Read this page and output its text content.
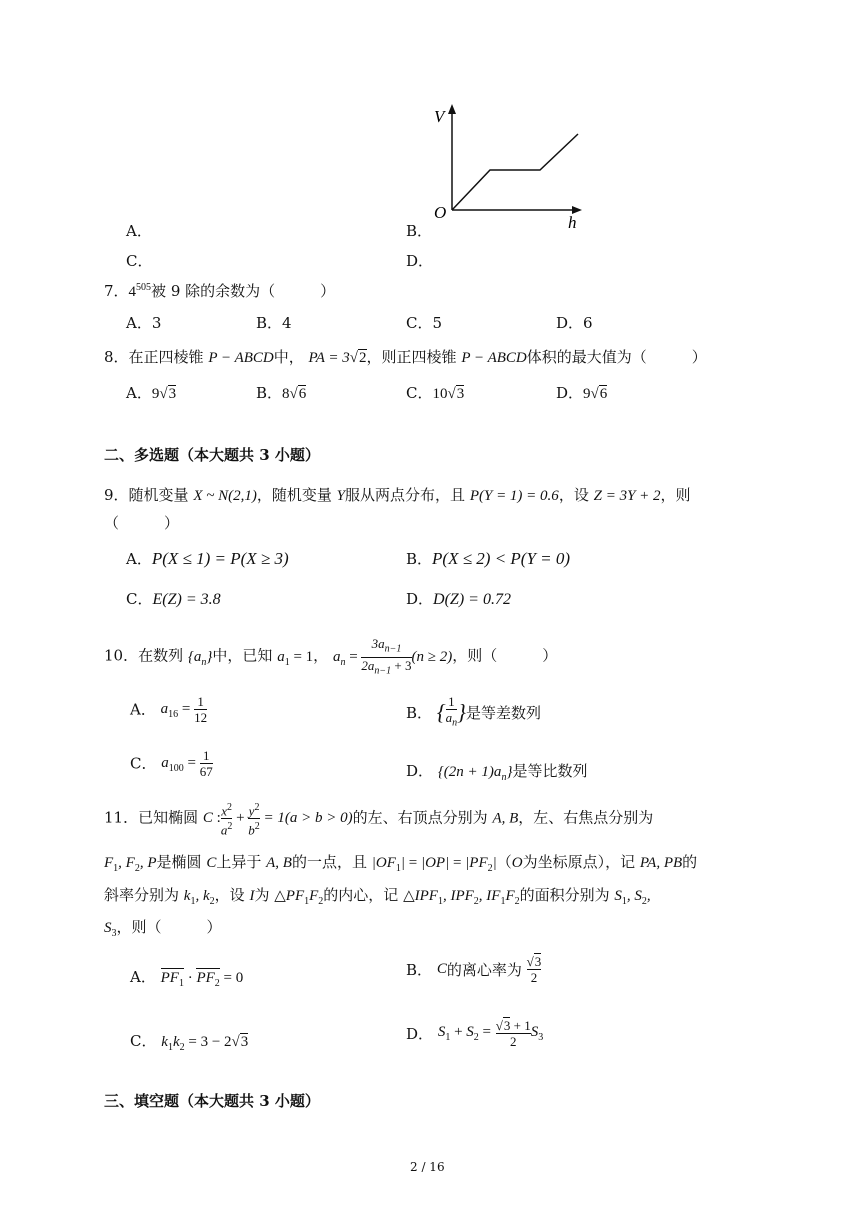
V
h
O
A．	B．
C．	D．
7．$4^{505}$被 9 除的余数为（　　　）
A．3	B．4	C．5	D．6
8．在正四棱锥 P − ABCD中， PA = 3√2，则正四棱锥 P − ABCD体积的最大值为（　　　）
A．9√3	B．8√6	C．10√3	D．9√6
二、多选题（本大题共 3 小题）
9．随机变量 X ~ N(2,1)，随机变量 Y服从两点分布，且 P(Y = 1) = 0.6，设 Z = 3Y + 2，则
（　　　）
A．P(X ≤ 1) = P(X ≥ 3)	B．P(X ≤ 2) < P(Y = 0)
C．E(Z) = 3.8	D．D(Z) = 0.72
10．在数列 $\{a_n\}$中，已知 $a_1 = 1$， $a_n = \frac{3a_{n-1}}{2a_{n-1} + 3} (n \ge 2)$，则（　　　）
A． $a_{16} = \frac{1}{12}$	B． { $\frac{1}{a_n}$ }是等差数列
C． $a_{100} = \frac{1}{67}$	D． $\{(2n + 1)a_n\}$是等比数列
11．已知椭圆 C : $\frac{x^2}{a^2} + \frac{y^2}{b^2} = 1(a > b > 0)$的左、右顶点分别为 A, B，左、右焦点分别为
$F_1$, $F_2$, P是椭圆 C上异于 A, B的一点，且 $|OF_1| = |OP| = |PF_2|(O$为坐标原点），记 PA, PB的
斜率分别为 $k_1$, $k_2$，设 I为 $\triangle PF_1F_2$的内心，记 $\triangle IPF_1$, $IPF_2$, $IF_1F_2$的面积分别为 $S_1$, $S_2$,
$S_3$，则（　　　）
A． $PF_1 \cdot PF_2 = 0$	B． C的离心率为 $\frac{√3}{2}$
C． $k_1k_2 = 3 - 2√3$	D． $S_1 + S_2 = \frac{√3 + 1}{2} S_3$
三、填空题（本大题共 3 小题）
2 / 16
